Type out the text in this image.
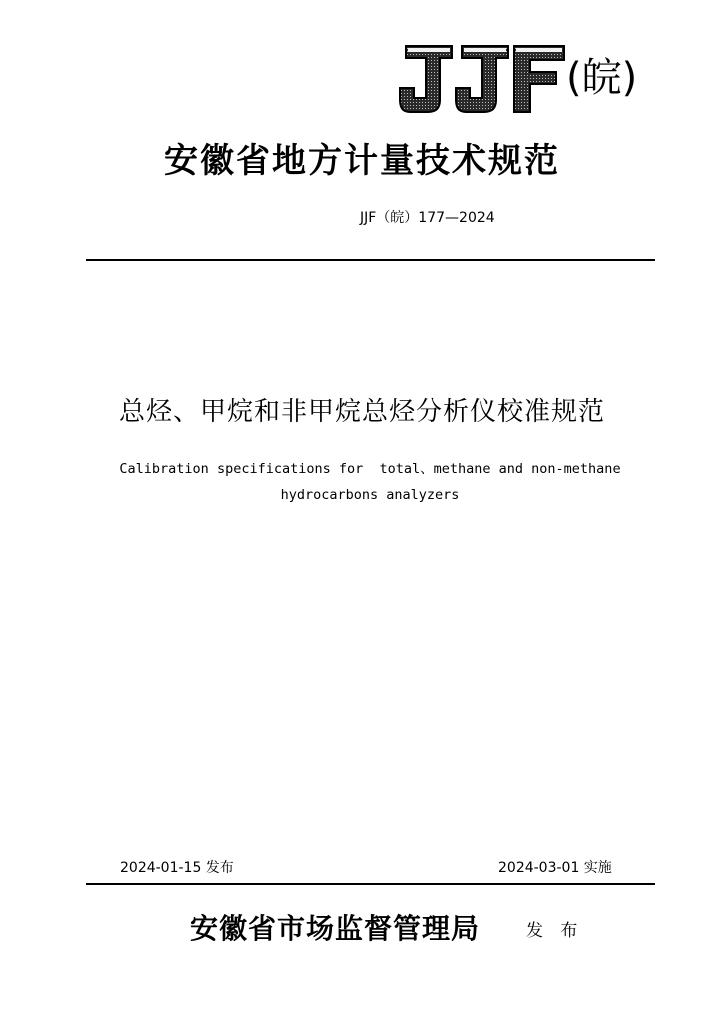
(皖)
安徽省地方计量技术规范
JJF（皖）177—2024
总烃、甲烷和非甲烷总烃分析仪校准规范
Calibration specifications for  total、methane and non-methane
hydrocarbons analyzers
2024-01-15 发布	2024-03-01 实施
安徽省市场监督管理局	发 布
